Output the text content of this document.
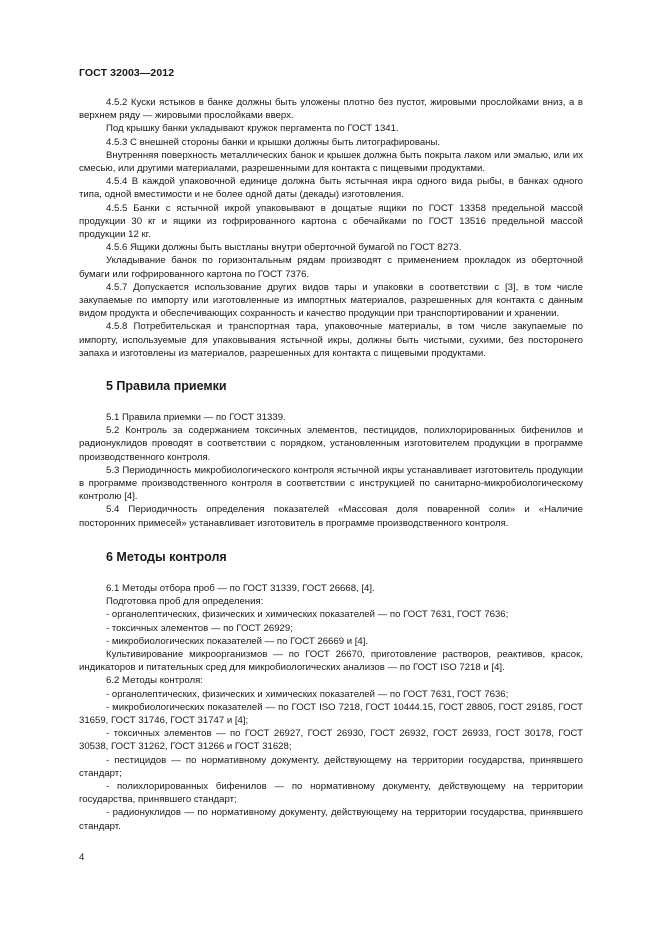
ГОСТ 32003—2012

4.5.2 Куски ястыков в банке должны быть уложены плотно без пустот, жировыми прослойками вниз, а в верхнем ряду — жировыми прослойками вверх.

Под крышку банки укладывают кружок пергамента по ГОСТ 1341.

4.5.3 С внешней стороны банки и крышки должны быть литографированы.

Внутренняя поверхность металлических банок и крышек должна быть покрыта лаком или эмалью, или их смесью, или другими материалами, разрешенными для контакта с пищевыми продуктами.

4.5.4 В каждой упаковочной единице должна быть ястычная икра одного вида рыбы, в банках одного типа, одной вместимости и не более одной даты (декады) изготовления.

4.5.5 Банки с ястычной икрой упаковывают в дощатые ящики по ГОСТ 13358 предельной массой продукции 30 кг и ящики из гофрированного картона с обечайками по ГОСТ 13516 предельной массой продукции 12 кг.

4.5.6 Ящики должны быть выстланы внутри оберточной бумагой по ГОСТ 8273.

Укладывание банок по горизонтальным рядам производят с применением прокладок из оберточной бумаги или гофрированного картона по ГОСТ 7376.

4.5.7 Допускается использование других видов тары и упаковки в соответствии с [3], в том числе закупаемые по импорту или изготовленные из импортных материалов, разрешенных для контакта с данным видом продукта и обеспечивающих сохранность и качество продукции при транспортировании и хранении.

4.5.8 Потребительская и транспортная тара, упаковочные материалы, в том числе закупаемые по импорту, используемые для упаковывания ястычной икры, должны быть чистыми, сухими, без посторонего запаха и изготовлены из материалов, разрешенных для контакта с пищевыми продуктами.

5 Правила приемки

5.1 Правила приемки — по ГОСТ 31339.

5.2 Контроль за содержанием токсичных элементов, пестицидов, полихлорированных бифенилов и радионуклидов проводят в соответствии с порядком, установленным изготовителем продукции в программе производственного контроля.

5.3 Периодичность микробиологического контроля ястычной икры устанавливает изготовитель продукции в программе производственного контроля в соответствии с инструкцией по санитарно-микробиологическому контролю [4].

5.4 Периодичность определения показателей «Массовая доля поваренной соли» и «Наличие посторонних примесей» устанавливает изготовитель в программе производственного контроля.

6 Методы контроля

6.1 Методы отбора проб — по ГОСТ 31339, ГОСТ 26668, [4].

Подготовка проб для определения:

- органолептических, физических и химических показателей — по ГОСТ 7631, ГОСТ 7636;

- токсичных элементов — по ГОСТ 26929;

- микробиологических показателей — по ГОСТ 26669 и [4].

Культивирование микроорганизмов — по ГОСТ 26670, приготовление растворов, реактивов, красок, индикаторов и питательных сред для микробиологических анализов — по ГОСТ ISO 7218 и [4].

6.2 Методы контроля:

- органолептических, физических и химических показателей — по ГОСТ 7631, ГОСТ 7636;

- микробиологических показателей — по ГОСТ ISO 7218, ГОСТ 10444.15, ГОСТ 28805, ГОСТ 29185, ГОСТ 31659, ГОСТ 31746, ГОСТ 31747 и [4];

- токсичных элементов — по ГОСТ 26927, ГОСТ 26930, ГОСТ 26932, ГОСТ 26933, ГОСТ 30178, ГОСТ 30538, ГОСТ 31262, ГОСТ 31266 и ГОСТ 31628;

- пестицидов — по нормативному документу, действующему на территории государства, принявшего стандарт;

- полихлорированных бифенилов — по нормативному документу, действующему на территории государства, принявшего стандарт;

- радионуклидов — по нормативному документу, действующему на территории государства, принявшего стандарт.

4
